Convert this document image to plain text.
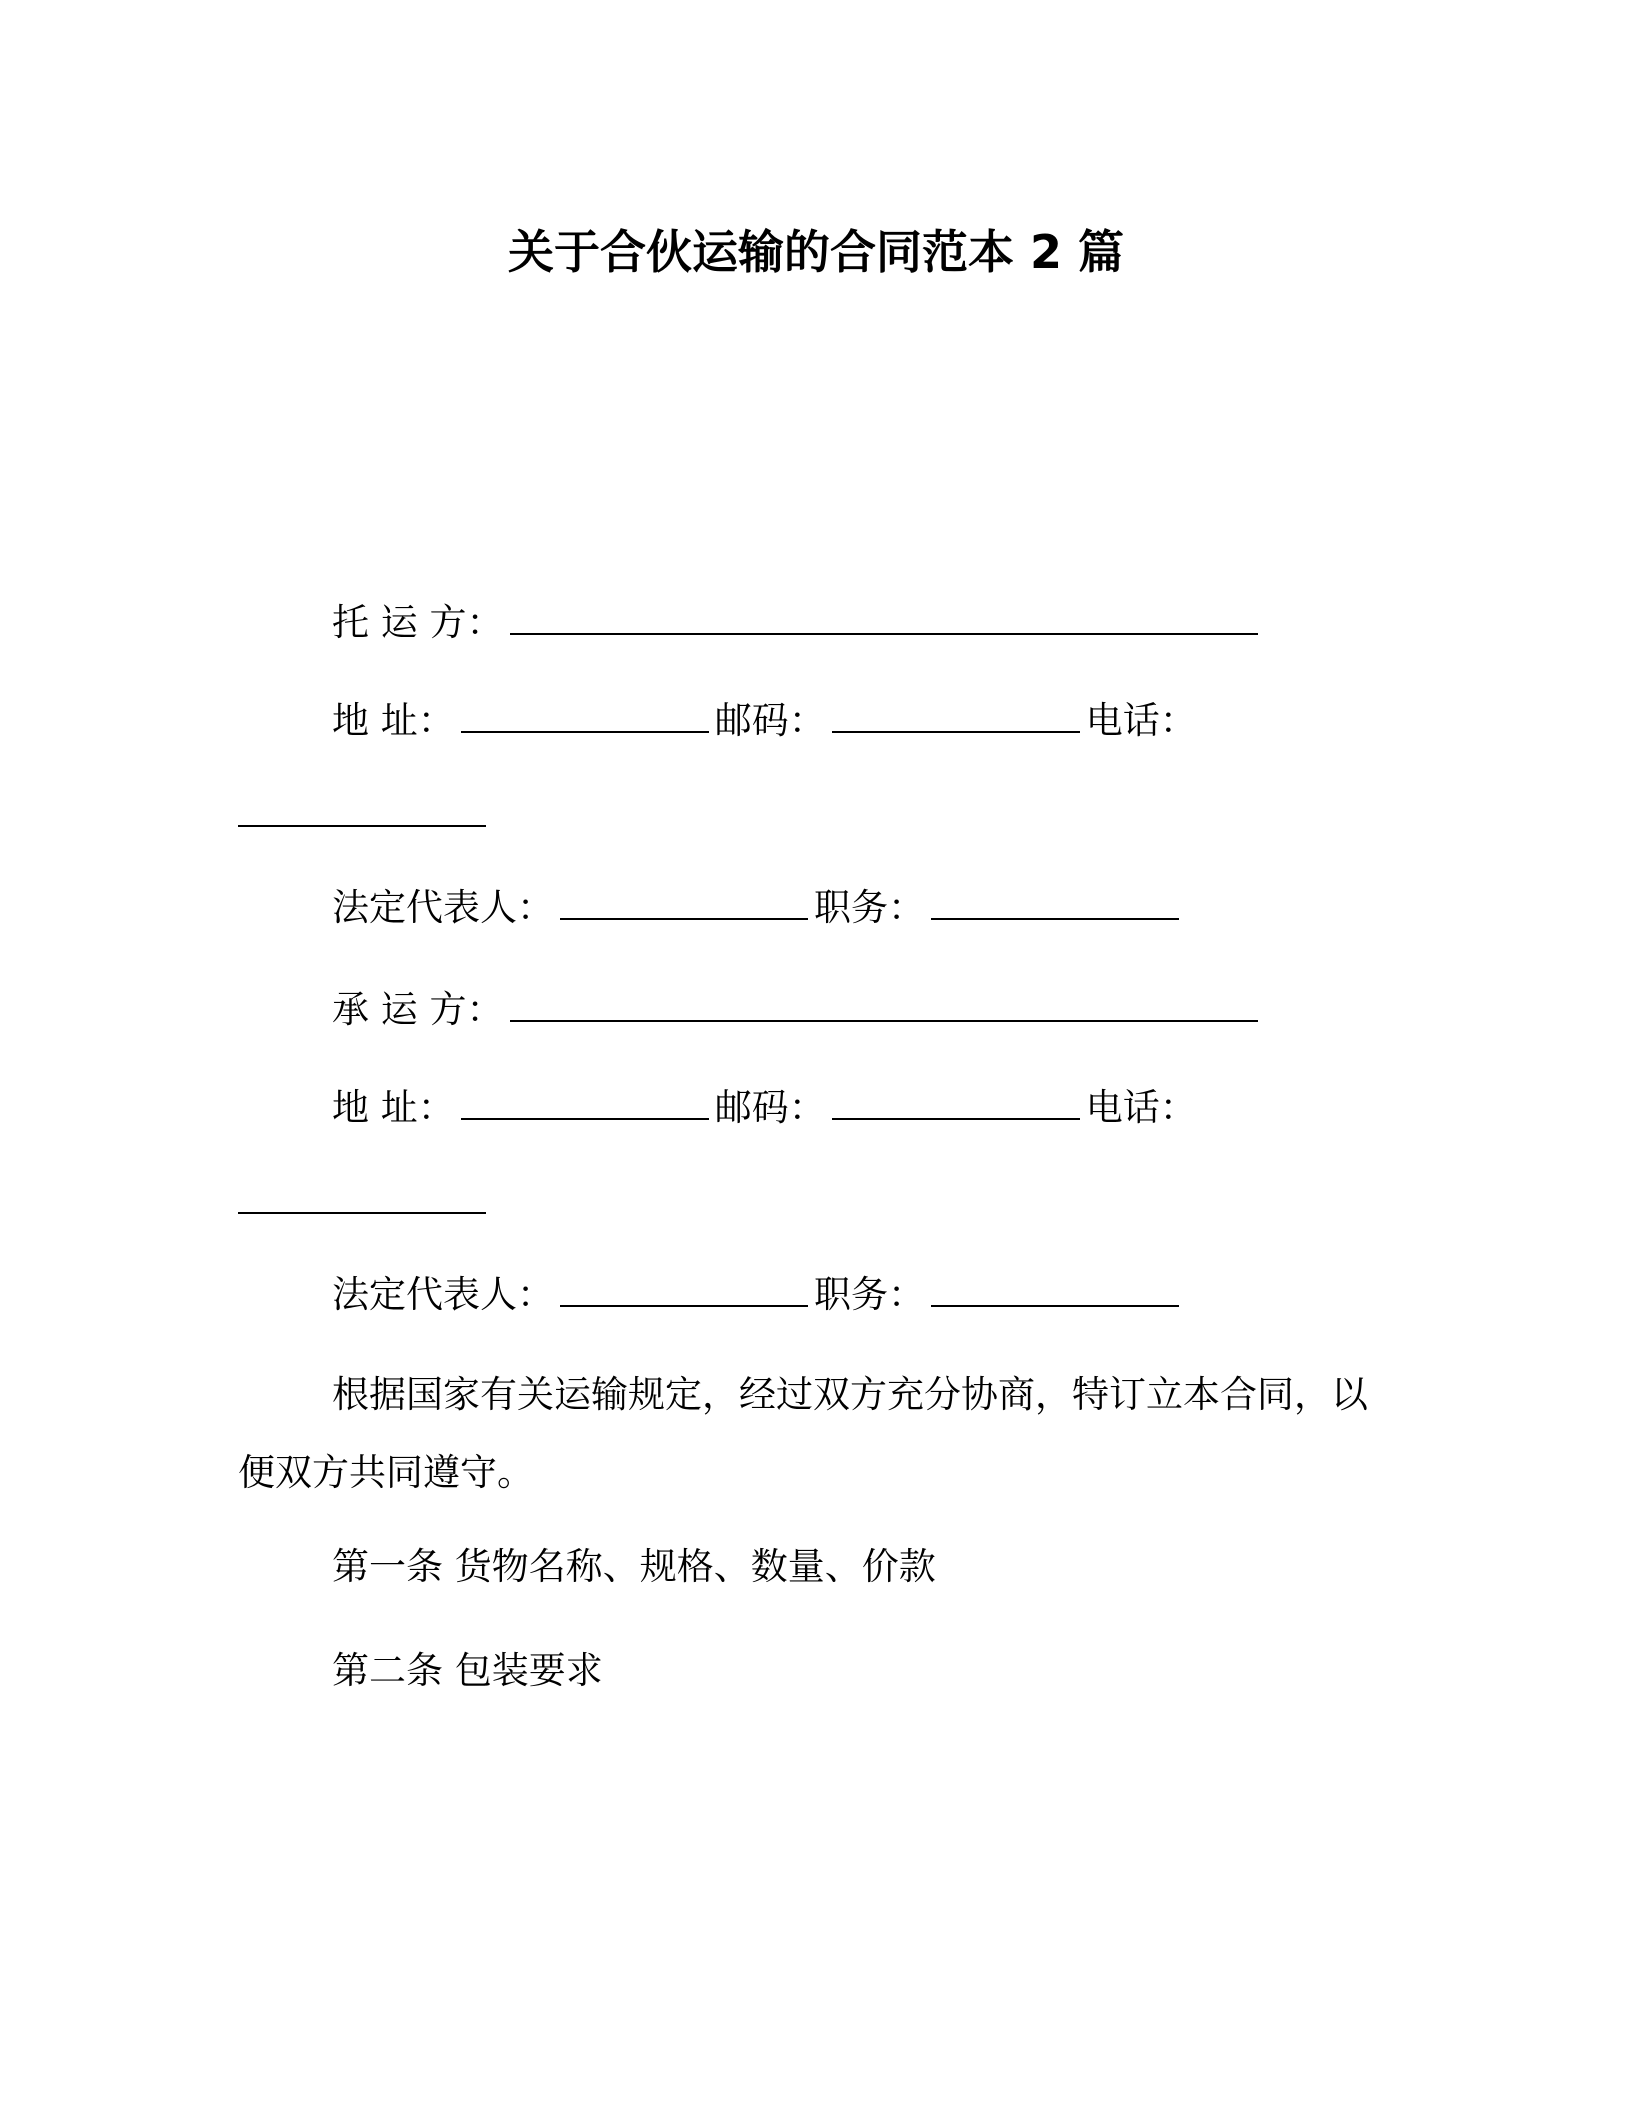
关于合伙运输的合同范本 2 篇
托 运 方：
地 址：	邮码：	电话：
法定代表人：	职务：
承 运 方：
地 址：	邮码：	电话：
法定代表人：	职务：
根据国家有关运输规定，经过双方充分协商，特订立本合同，以便双方共同遵守。
第一条 货物名称、规格、数量、价款
第二条 包装要求
